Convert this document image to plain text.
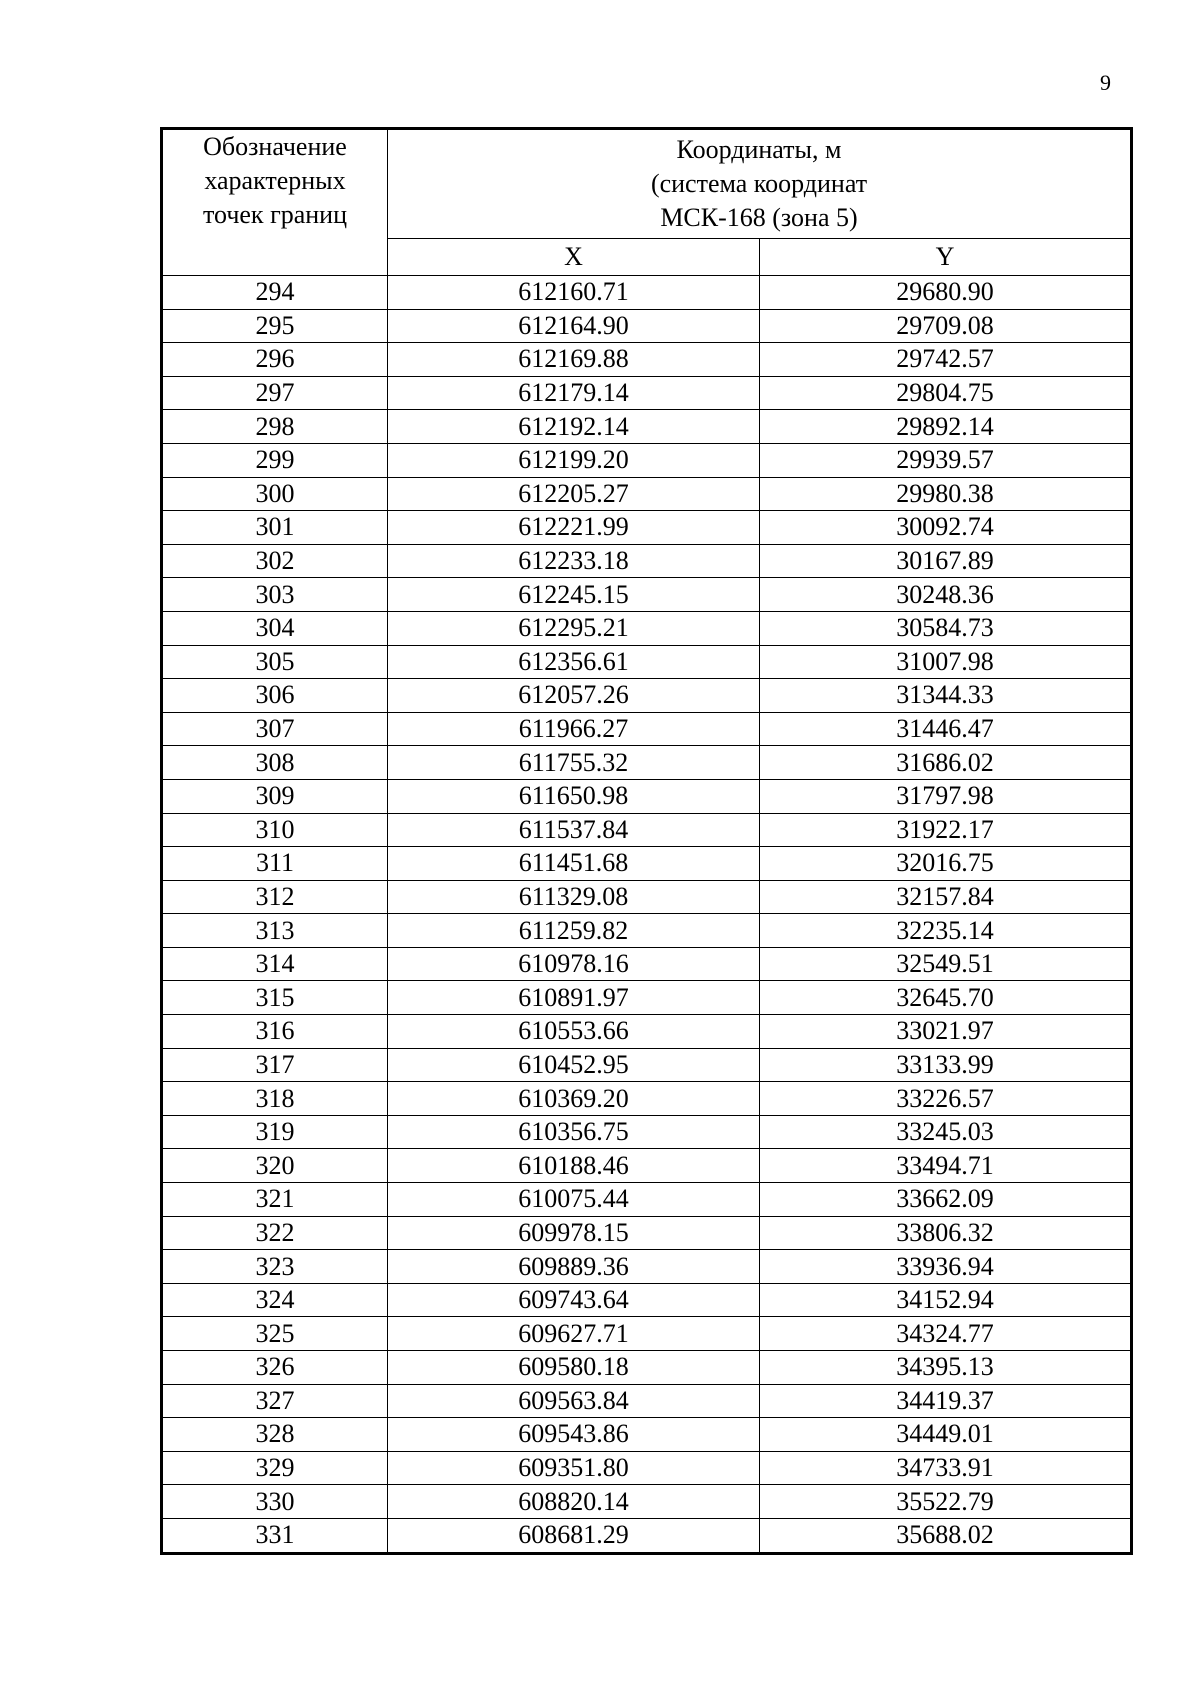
9
Обозначение
характерных
точек границ	Координаты, м
(система координат
МСК-168 (зона 5)	
	X	Y
294	612160.71	29680.90
295	612164.90	29709.08
296	612169.88	29742.57
297	612179.14	29804.75
298	612192.14	29892.14
299	612199.20	29939.57
300	612205.27	29980.38
301	612221.99	30092.74
302	612233.18	30167.89
303	612245.15	30248.36
304	612295.21	30584.73
305	612356.61	31007.98
306	612057.26	31344.33
307	611966.27	31446.47
308	611755.32	31686.02
309	611650.98	31797.98
310	611537.84	31922.17
311	611451.68	32016.75
312	611329.08	32157.84
313	611259.82	32235.14
314	610978.16	32549.51
315	610891.97	32645.70
316	610553.66	33021.97
317	610452.95	33133.99
318	610369.20	33226.57
319	610356.75	33245.03
320	610188.46	33494.71
321	610075.44	33662.09
322	609978.15	33806.32
323	609889.36	33936.94
324	609743.64	34152.94
325	609627.71	34324.77
326	609580.18	34395.13
327	609563.84	34419.37
328	609543.86	34449.01
329	609351.80	34733.91
330	608820.14	35522.79
331	608681.29	35688.02
